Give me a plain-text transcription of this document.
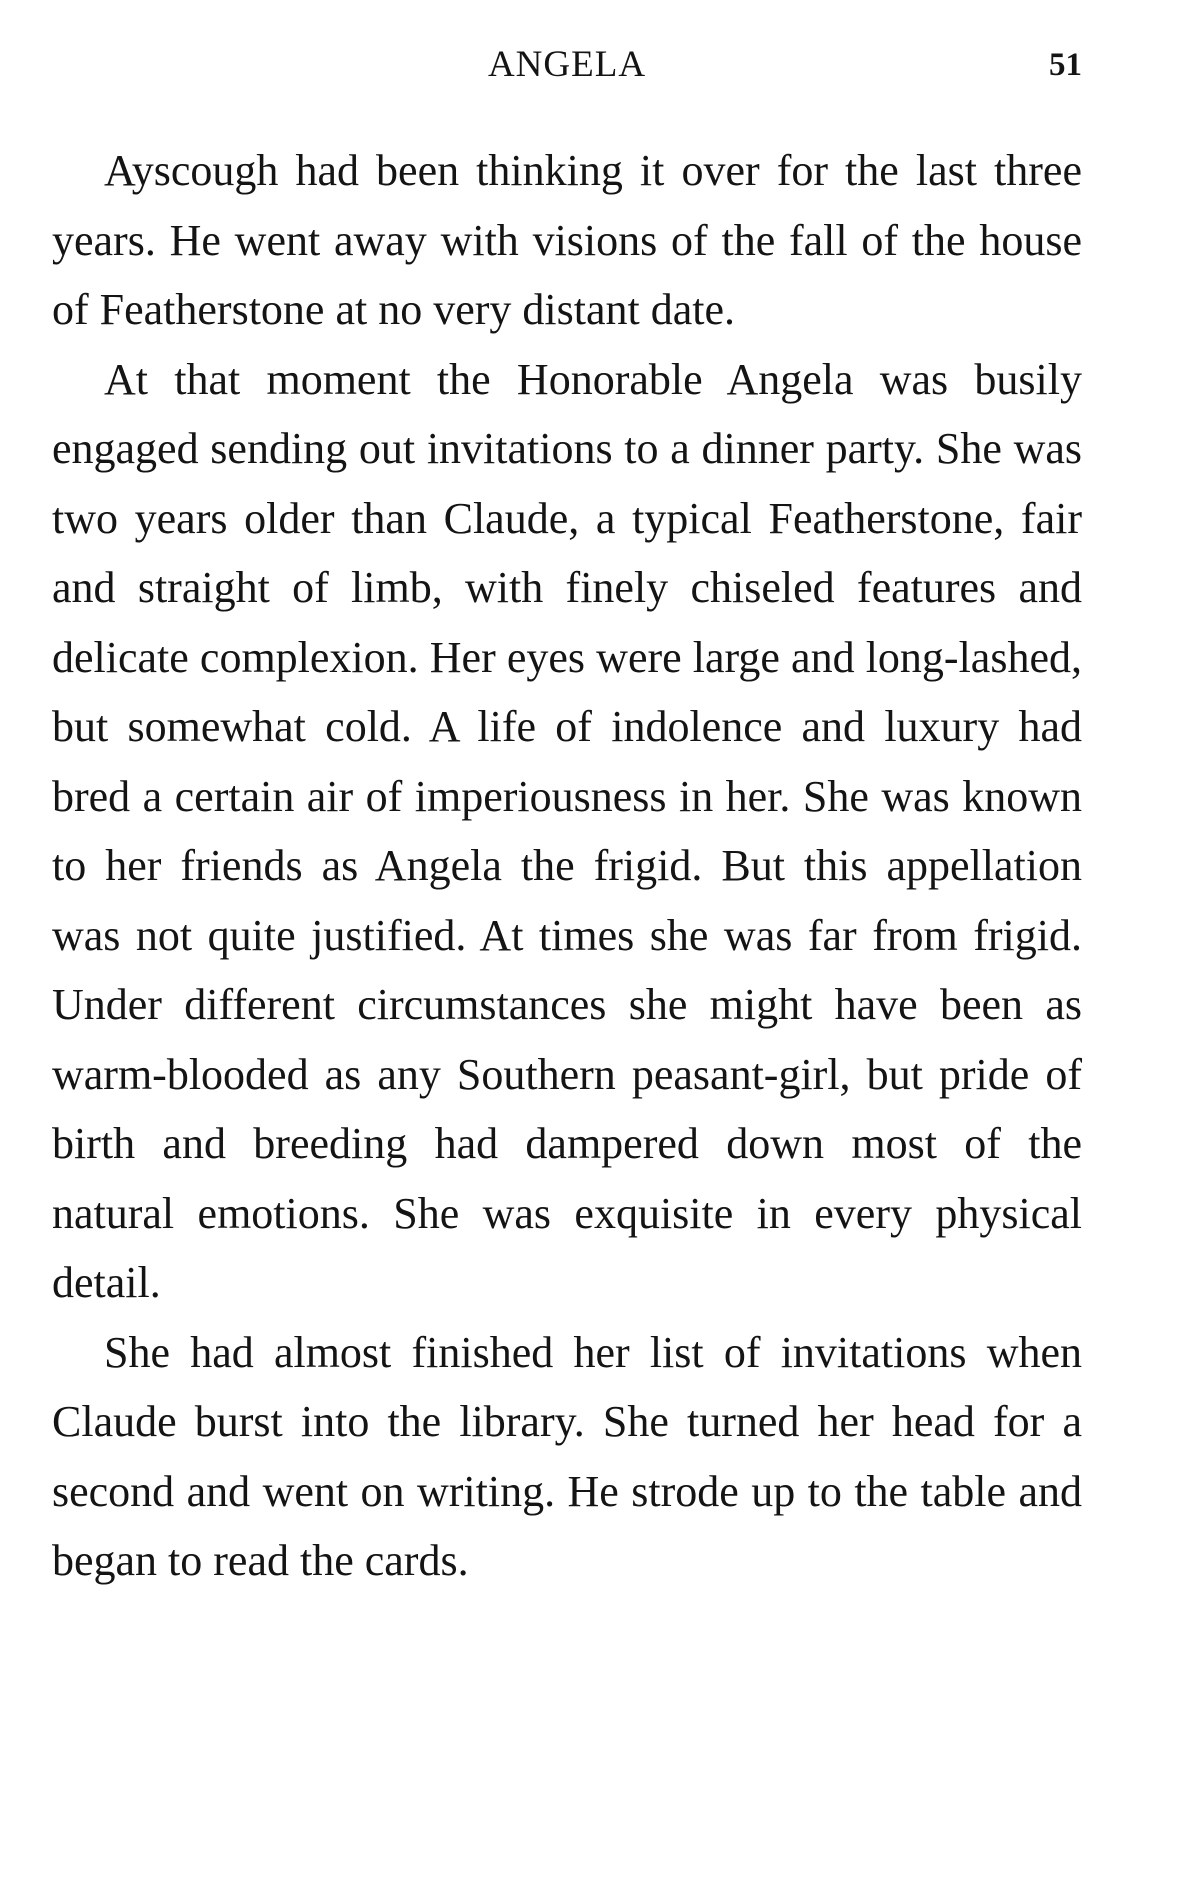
ANGELA	51

Ayscough had been thinking it over for the last three years. He went away with visions of the fall of the house of Featherstone at no very distant date.

At that moment the Honorable Angela was busily engaged sending out invitations to a dinner party. She was two years older than Claude, a typical Featherstone, fair and straight of limb, with finely chiseled features and delicate complexion. Her eyes were large and long-lashed, but somewhat cold. A life of indolence and luxury had bred a certain air of imperiousness in her. She was known to her friends as Angela the frigid. But this appellation was not quite justified. At times she was far from frigid. Under different circumstances she might have been as warm-blooded as any Southern peasant-girl, but pride of birth and breeding had dampered down most of the natural emotions. She was exquisite in every physical detail.

She had almost finished her list of invitations when Claude burst into the library. She turned her head for a second and went on writing. He strode up to the table and began to read the cards.
